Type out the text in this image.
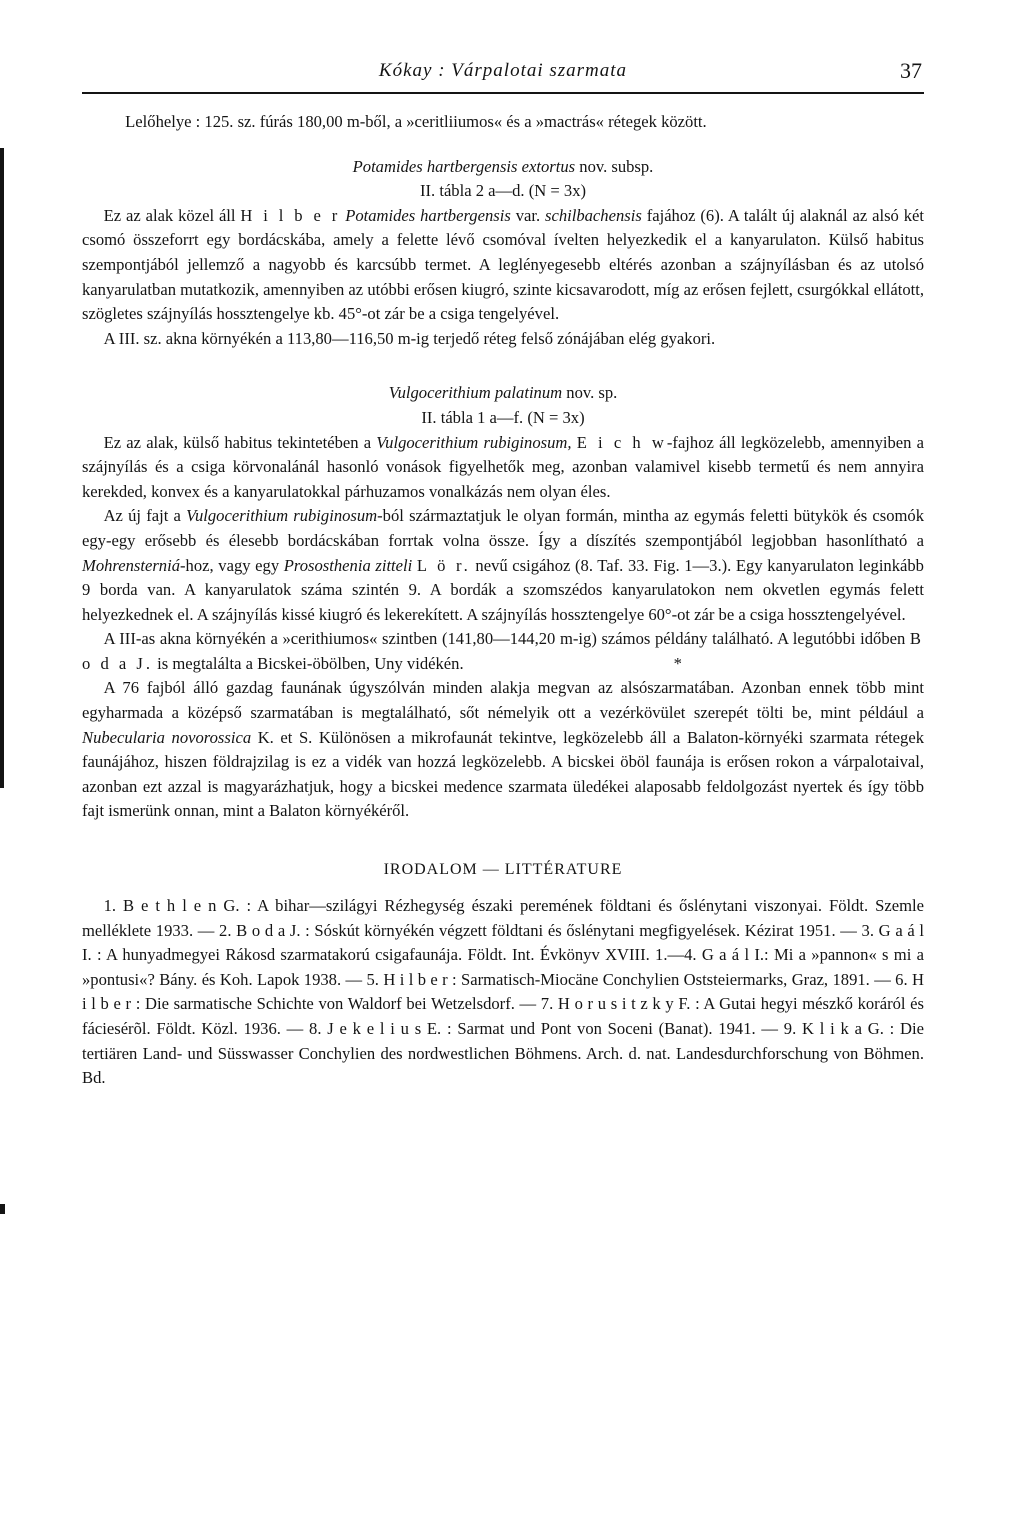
Kókay : Várpalotai szarmata	37

Lelőhelye : 125. sz. fúrás 180,00 m-ből, a »ceritliiumos« és a »mactrás« rétegek között.

Potamides hartbergensis extortus nov. subsp.

II. tábla 2 a—d. (N = 3x)

Ez az alak közel áll H i l b e r Potamides hartbergensis var. schilbachensis fajához (6). A talált új alaknál az alsó két csomó összeforrt egy bordácskába, amely a felette lévő csomóval ívelten helyezkedik el a kanyarulaton. Külső habitus szempontjából jellemző a nagyobb és karcsúbb termet. A leglényegesebb eltérés azonban a szájnyílásban és az utolsó kanyarulatban mutatkozik, amennyiben az utóbbi erősen kiugró, szinte kicsavarodott, míg az erősen fejlett, csurgókkal ellátott, szögletes szájnyílás hossztengelye kb. 45°-ot zár be a csiga tengelyével.

A III. sz. akna környékén a 113,80—116,50 m-ig terjedő réteg felső zónájában elég gyakori.

Vulgocerithium palatinum nov. sp.

II. tábla 1 a—f. (N = 3x)

Ez az alak, külső habitus tekintetében a Vulgocerithium rubiginosum, E i c h w-fajhoz áll legközelebb, amennyiben a szájnyílás és a csiga körvonalánál hasonló vonások figyelhetők meg, azonban valamivel kisebb termetű és nem annyira kerekded, konvex és a kanyarulatokkal párhuzamos vonalkázás nem olyan éles.

Az új fajt a Vulgocerithium rubiginosum-ból származtatjuk le olyan formán, mintha az egymás feletti bütykök és csomók egy-egy erősebb és élesebb bordácskában forrtak volna össze. Így a díszítés szempontjából legjobban hasonlítható a Mohrensterniá-hoz, vagy egy Prososthenia zitteli L ö r. nevű csigához (8. Taf. 33. Fig. 1—3.). Egy kanyarulaton leginkább 9 borda van. A kanyarulatok száma szintén 9. A bordák a szomszédos kanyarulatokon nem okvetlen egymás felett helyezkednek el. A szájnyílás kissé kiugró és lekerekített. A szájnyílás hossztengelye 60°-ot zár be a csiga hossztengelyével.

A III-as akna környékén a »cerithiumos« szintben (141,80—144,20 m-ig) számos példány található. A legutóbbi időben B o d a J. is megtalálta a Bicskei-öbölben, Uny vidékén.	*

A 76 fajból álló gazdag faunának úgyszólván minden alakja megvan az alsószarmatában. Azonban ennek több mint egyharmada a középső szarmatában is megtalálható, sőt némelyik ott a vezérkövület szerepét tölti be, mint például a Nubecularia novorossica K. et S. Különösen a mikrofaunát tekintve, legközelebb áll a Balaton-környéki szarmata rétegek faunájához, hiszen földrajzilag is ez a vidék van hozzá legközelebb. A bicskei öböl faunája is erősen rokon a várpalotaival, azonban ezt azzal is magyarázhatjuk, hogy a bicskei medence szarmata üledékei alaposabb feldolgozást nyertek és így több fajt ismerünk onnan, mint a Balaton környékéről.

IRODALOM — LITTÉRATURE

1. B e t h l e n G. : A bihar—szilágyi Rézhegység északi peremének földtani és őslénytani viszonyai. Földt. Szemle melléklete 1933. — 2. B o d a J. : Sóskút környékén végzett földtani és őslénytani megfigyelések. Kézirat 1951. — 3. G a á l I. : A hunyadmegyei Rákosd szarmatakorú csigafaunája. Földt. Int. Évkönyv XVIII. 1.—4. G a á l I.: Mi a »pannon« s mi a »pontusi«? Bány. és Koh. Lapok 1938. — 5. H i l b e r : Sarmatisch-Miocäne Conchylien Oststeiermarks, Graz, 1891. — 6. H i l b e r : Die sarmatische Schichte von Waldorf bei Wetzelsdorf. — 7. H o r u s i t z k y F. : A Gutai hegyi mészkő koráról és fáciesérõl. Földt. Közl. 1936. — 8. J e k e l i u s E. : Sarmat und Pont von Soceni (Banat). 1941. — 9. K l i k a G. : Die tertiären Land- und Süsswasser Conchylien des nordwestlichen Böhmens. Arch. d. nat. Landesdurchforschung von Böhmen. Bd.
